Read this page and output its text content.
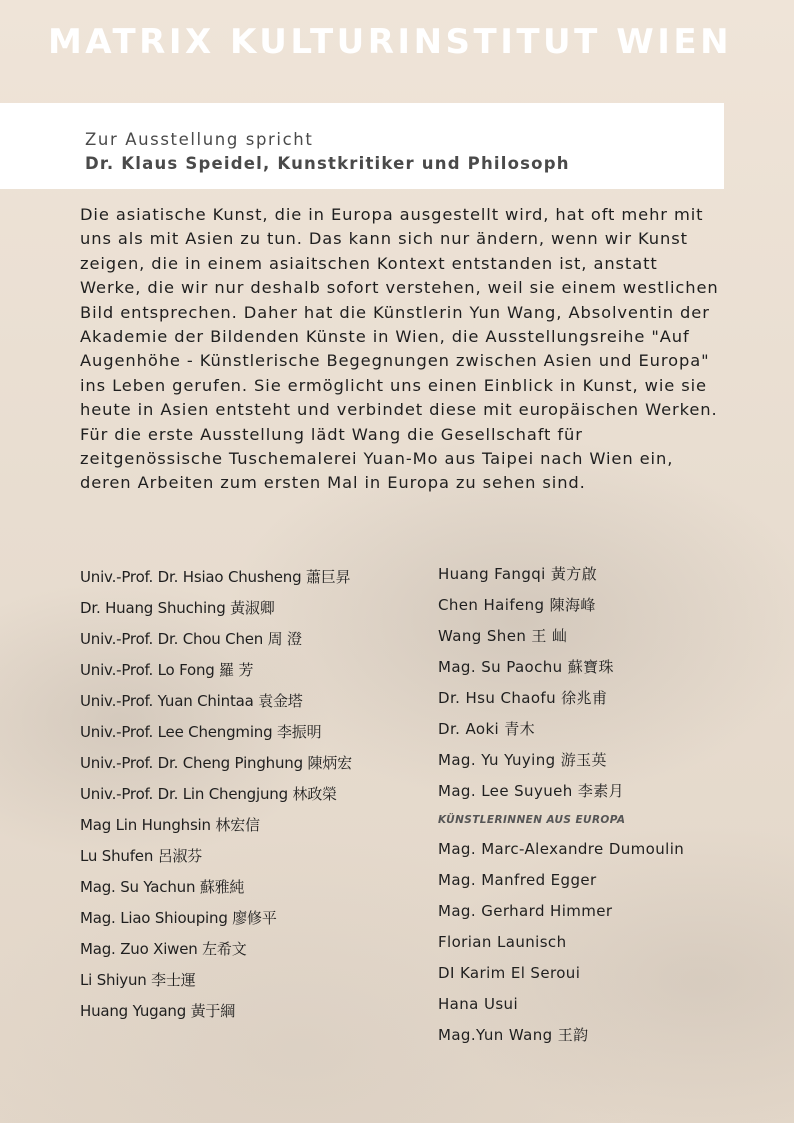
MATRIX KULTURINSTITUT WIEN
Zur Ausstellung spricht
Dr. Klaus Speidel, Kunstkritiker und Philosoph

Die asiatische Kunst, die in Europa ausgestellt wird, hat oft mehr mit uns als mit Asien zu tun. Das kann sich nur ändern, wenn wir Kunst zeigen, die in einem asiaitschen Kontext entstanden ist, anstatt Werke, die wir nur deshalb sofort verstehen, weil sie einem westlichen Bild entsprechen. Daher hat die Künstlerin Yun Wang, Absolventin der Akademie der Bildenden Künste in Wien, die Ausstellungsreihe "Auf Augenhöhe - Künstlerische Begegnungen zwischen Asien und Europa" ins Leben gerufen. Sie ermöglicht uns einen Einblick in Kunst, wie sie heute in Asien entsteht und verbindet diese mit europäischen Werken. Für die erste Ausstellung lädt Wang die Gesellschaft für zeitgenössische Tuschemalerei Yuan-Mo aus Taipei nach Wien ein, deren Arbeiten zum ersten Mal in Europa zu sehen sind.

Univ.-Prof. Dr. Hsiao Chusheng 蕭巨昇
Dr. Huang Shuching 黃淑卿
Univ.-Prof. Dr. Chou Chen 周 澄
Univ.-Prof. Lo Fong 羅 芳
Univ.-Prof. Yuan Chintaa 袁金塔
Univ.-Prof. Lee Chengming 李振明
Univ.-Prof. Dr. Cheng Pinghung 陳炳宏
Univ.-Prof. Dr. Lin Chengjung 林政榮
Mag Lin Hunghsin 林宏信
Lu Shufen 呂淑芬
Mag. Su Yachun 蘇雅純
Mag. Liao Shiouping 廖修平
Mag. Zuo Xiwen 左希文
Li Shiyun 李士運
Huang Yugang 黃于綱
Huang Fangqi 黃方啟
Chen Haifeng 陳海峰
Wang Shen 王 屾
Mag. Su Paochu 蘇寶珠
Dr. Hsu Chaofu 徐兆甫
Dr. Aoki 青木
Mag. Yu Yuying 游玉英
Mag. Lee Suyueh 李素月
KÜNSTLERINNEN AUS EUROPA
Mag. Marc-Alexandre Dumoulin
Mag. Manfred Egger
Mag. Gerhard Himmer
Florian Launisch
DI Karim El Seroui
Hana Usui
Mag.Yun Wang 王韵
